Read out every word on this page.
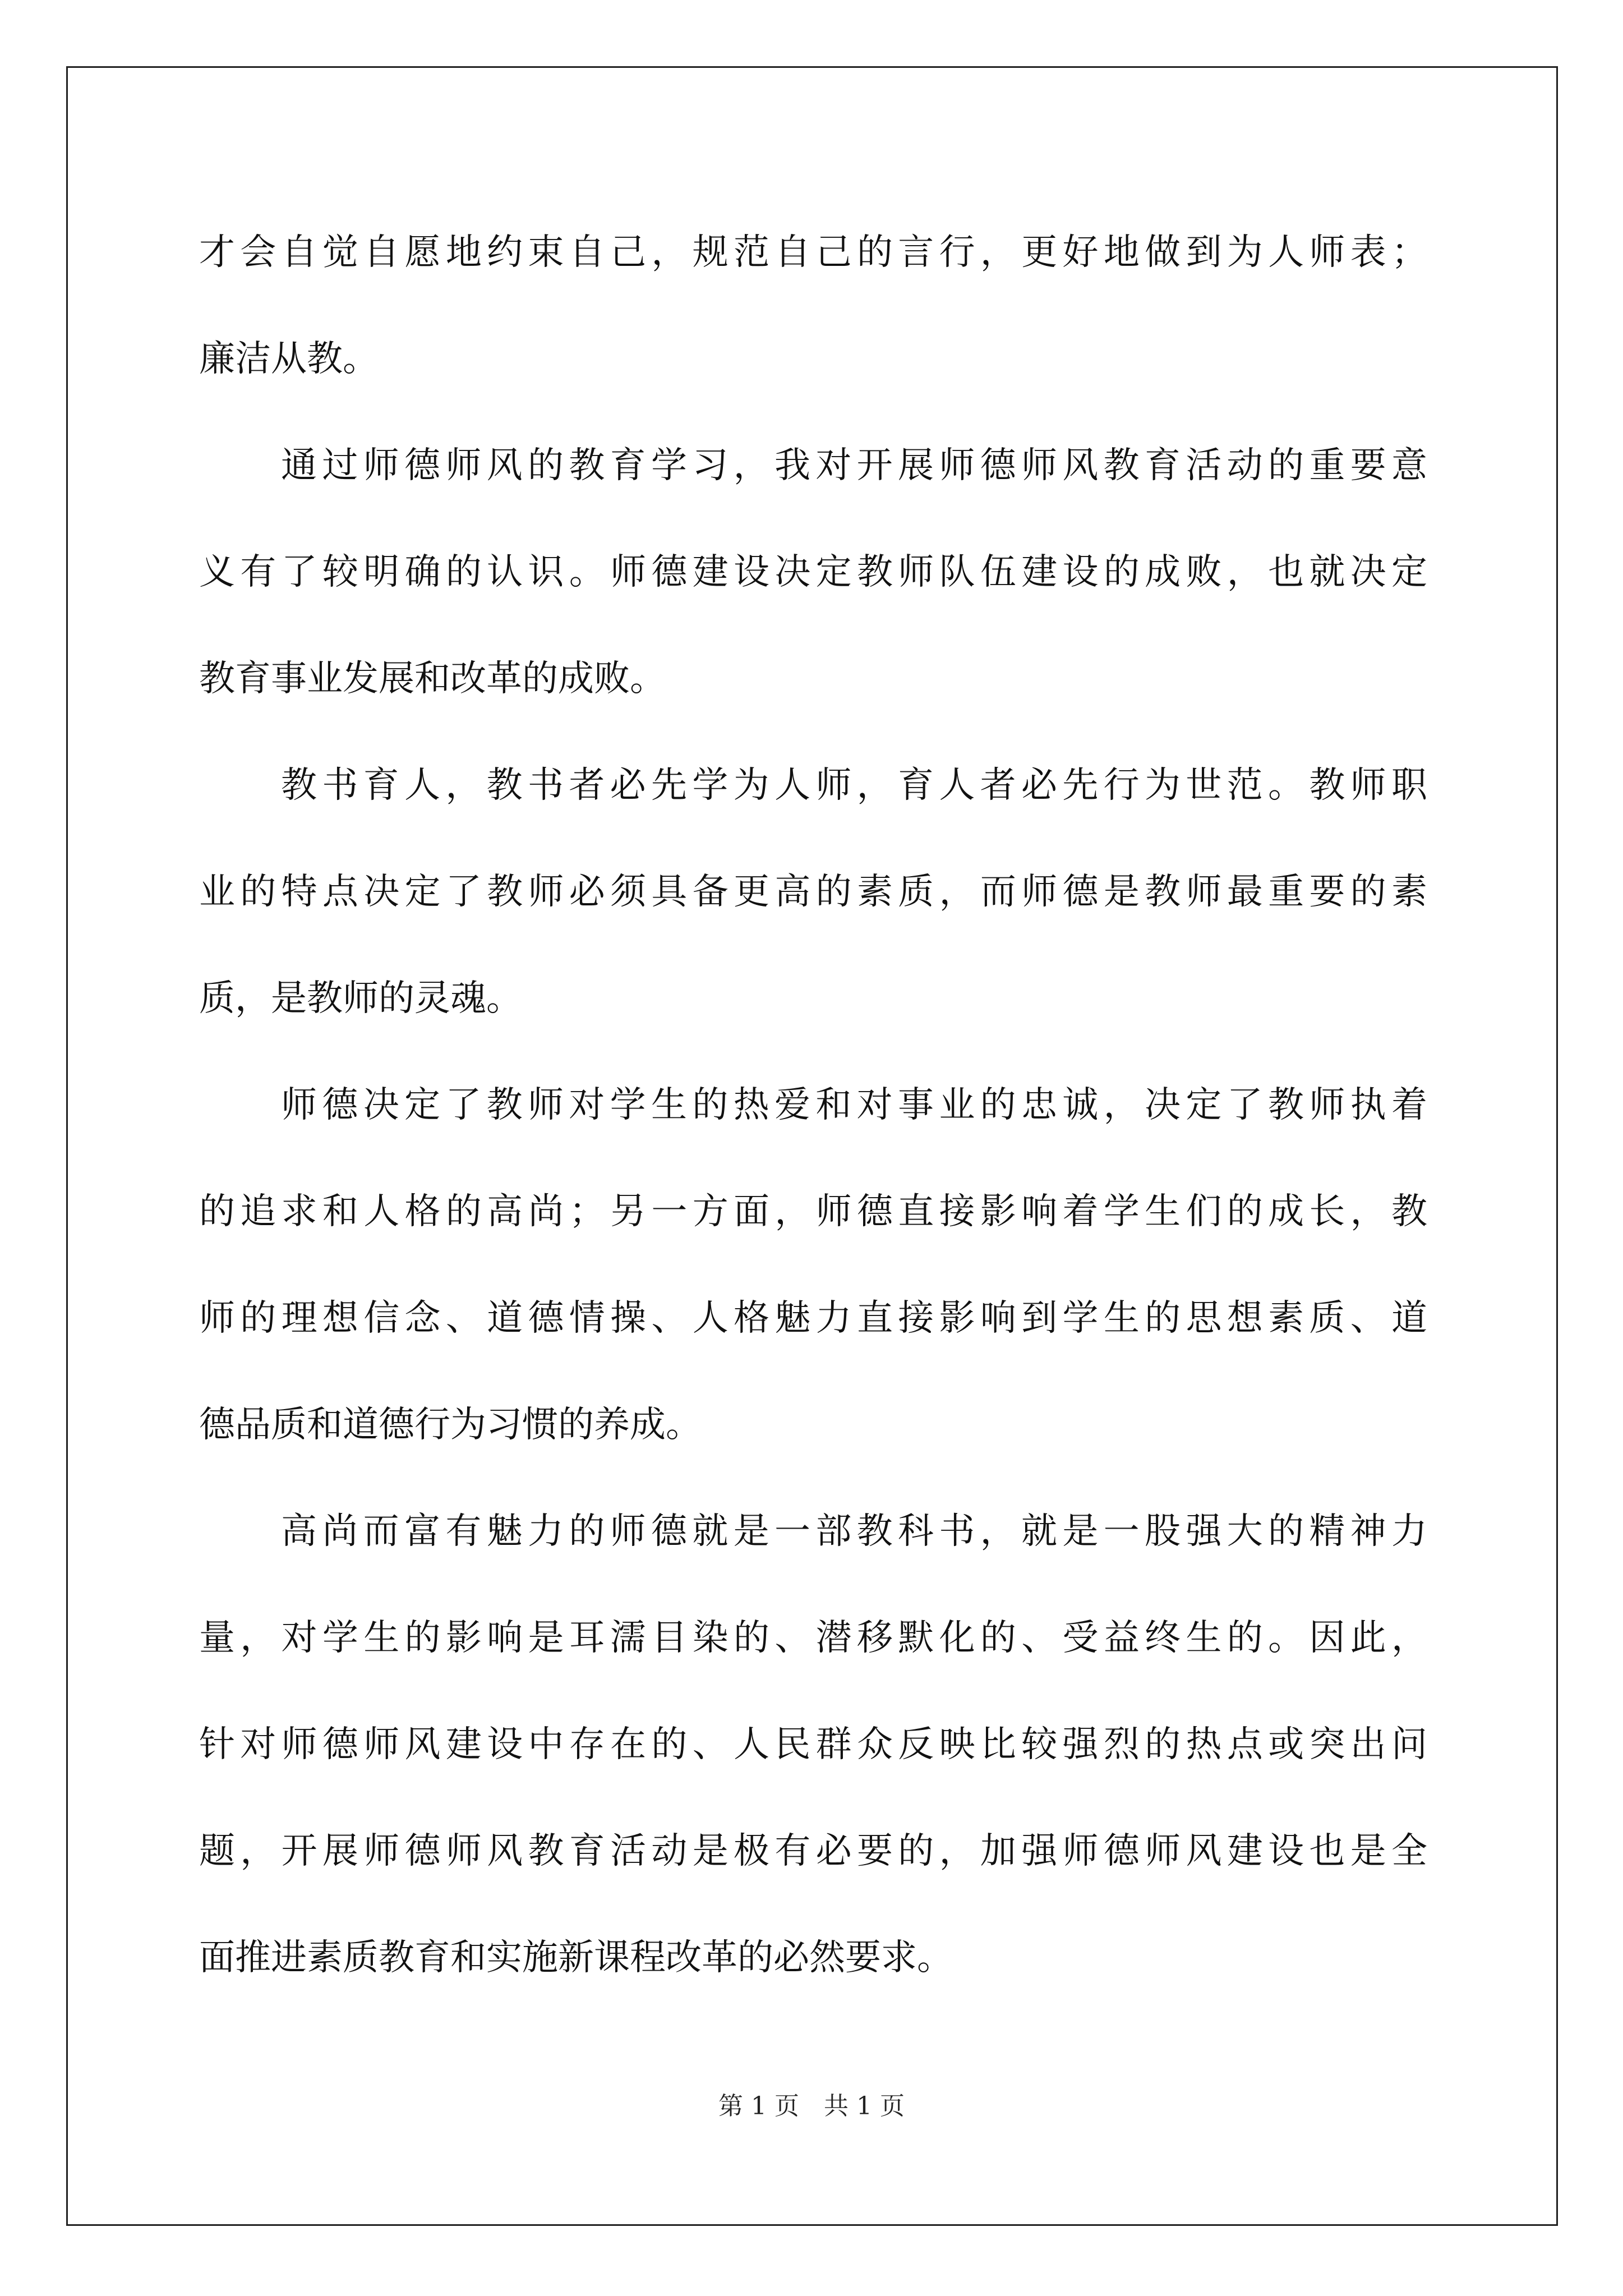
才会自觉自愿地约束自己，规范自己的言行，更好地做到为人师表；

廉洁从教。

通过师德师风的教育学习，我对开展师德师风教育活动的重要意

义有了较明确的认识。师德建设决定教师队伍建设的成败，也就决定

教育事业发展和改革的成败。

教书育人，教书者必先学为人师，育人者必先行为世范。教师职

业的特点决定了教师必须具备更高的素质，而师德是教师最重要的素

质，是教师的灵魂。

师德决定了教师对学生的热爱和对事业的忠诚，决定了教师执着

的追求和人格的高尚；另一方面，师德直接影响着学生们的成长，教

师的理想信念、道德情操、人格魅力直接影响到学生的思想素质、道

德品质和道德行为习惯的养成。

高尚而富有魅力的师德就是一部教科书，就是一股强大的精神力

量，对学生的影响是耳濡目染的、潜移默化的、受益终生的。因此，

针对师德师风建设中存在的、人民群众反映比较强烈的热点或突出问

题，开展师德师风教育活动是极有必要的，加强师德师风建设也是全

面推进素质教育和实施新课程改革的必然要求。

第 1 页　共 1 页
